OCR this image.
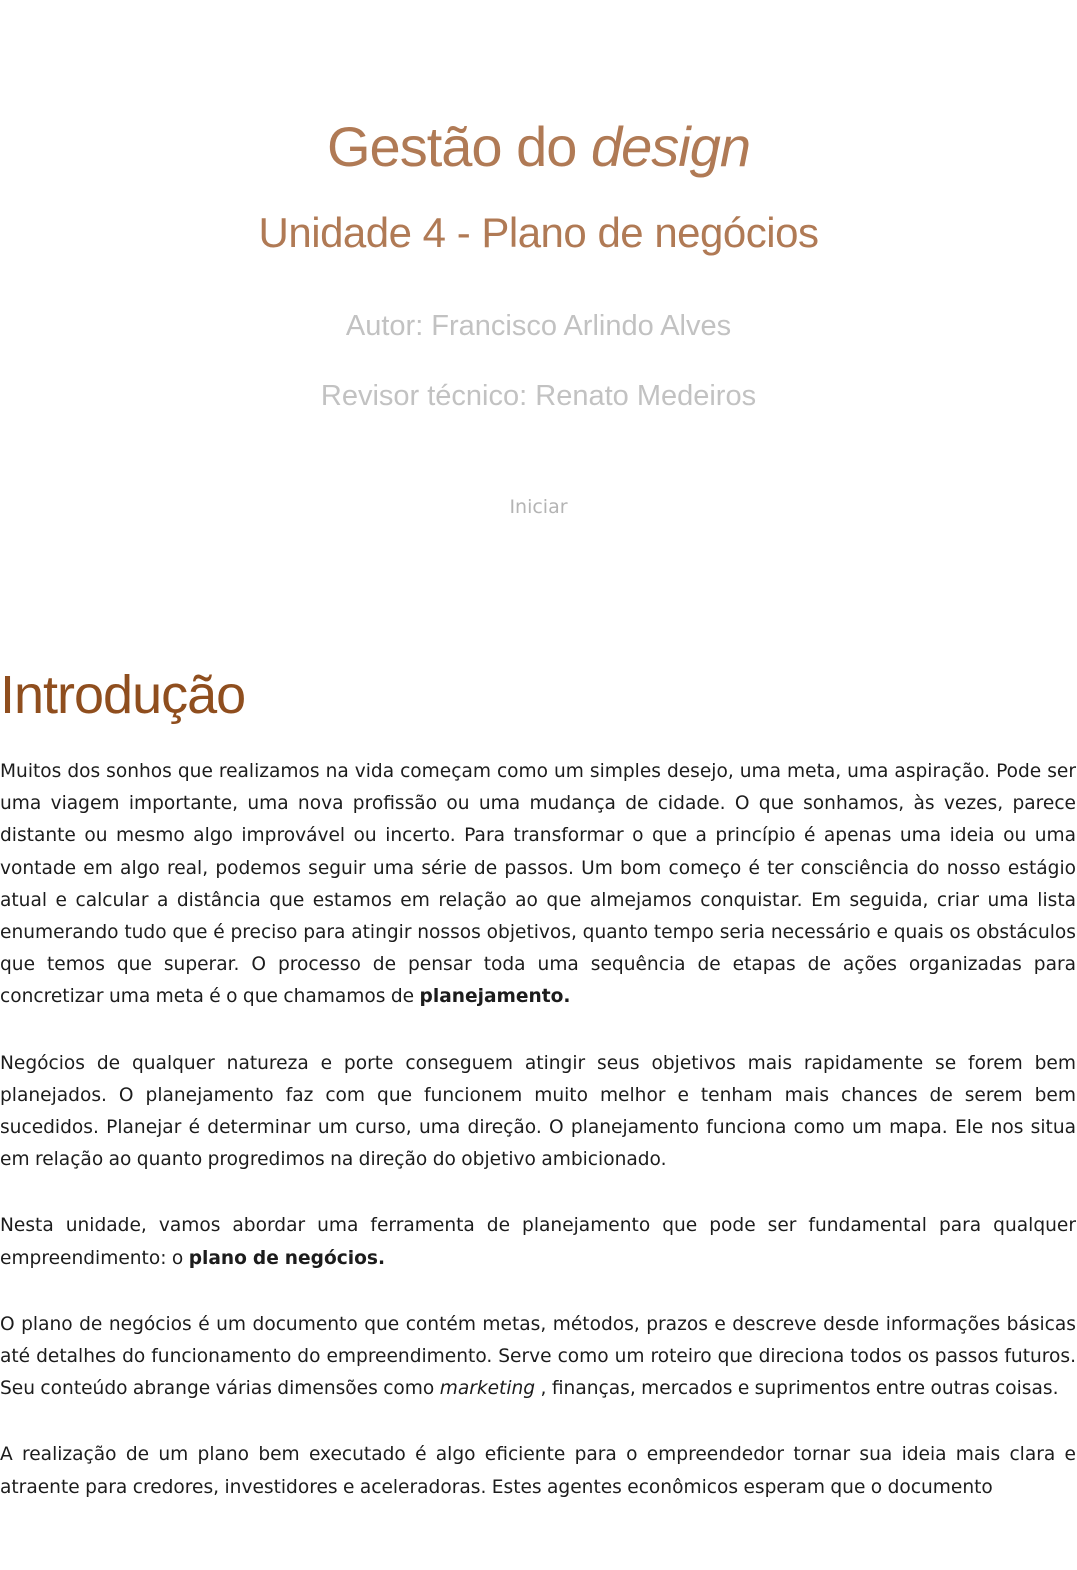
Gestão do design
Unidade 4 - Plano de negócios

Autor: Francisco Arlindo Alves

Revisor técnico: Renato Medeiros

Iniciar
Introdução

Muitos dos sonhos que realizamos na vida começam como um simples desejo, uma meta, uma aspiração. Pode ser uma viagem importante, uma nova profissão ou uma mudança de cidade. O que sonhamos, às vezes, parece distante ou mesmo algo improvável ou incerto. Para transformar o que a princípio é apenas uma ideia ou uma vontade em algo real, podemos seguir uma série de passos. Um bom começo é ter consciência do nosso estágio atual e calcular a distância que estamos em relação ao que almejamos conquistar. Em seguida, criar uma lista enumerando tudo que é preciso para atingir nossos objetivos, quanto tempo seria necessário e quais os obstáculos que temos que superar. O processo de pensar toda uma sequência de etapas de ações organizadas para concretizar uma meta é o que chamamos de planejamento.

Negócios de qualquer natureza e porte conseguem atingir seus objetivos mais rapidamente se forem bem planejados. O planejamento faz com que funcionem muito melhor e tenham mais chances de serem bem sucedidos. Planejar é determinar um curso, uma direção. O planejamento funciona como um mapa. Ele nos situa em relação ao quanto progredimos na direção do objetivo ambicionado.

Nesta unidade, vamos abordar uma ferramenta de planejamento que pode ser fundamental para qualquer empreendimento: o plano de negócios.

O plano de negócios é um documento que contém metas, métodos, prazos e descreve desde informações básicas até detalhes do funcionamento do empreendimento. Serve como um roteiro que direciona todos os passos futuros. Seu conteúdo abrange várias dimensões como marketing , finanças, mercados e suprimentos entre outras coisas.

A realização de um plano bem executado é algo eficiente para o empreendedor tornar sua ideia mais clara e atraente para credores, investidores e aceleradoras. Estes agentes econômicos esperam que o documento
